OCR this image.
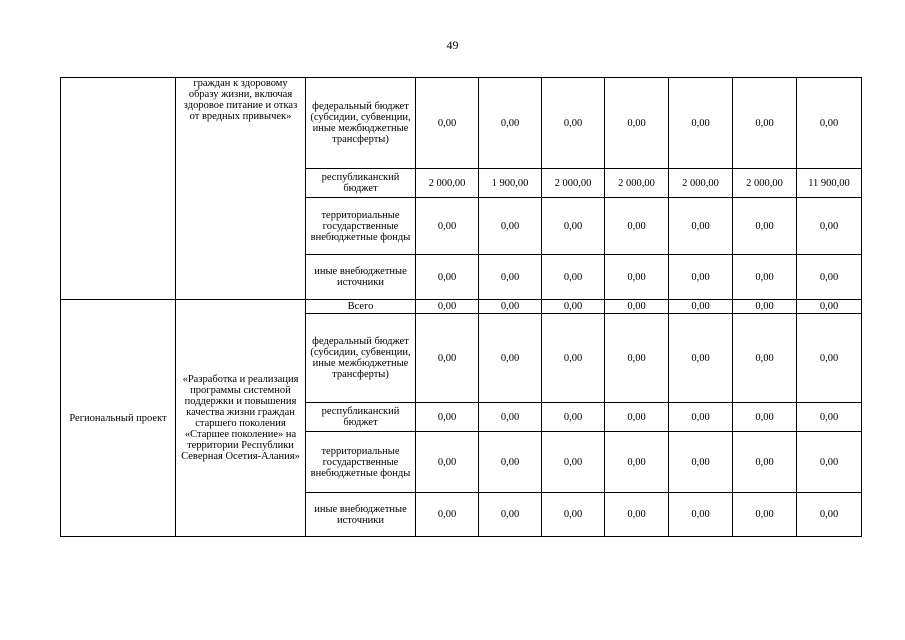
49
	граждан к здоровому образу жизни, включая здоровое питание и отказ от вредных привычек»	федеральный бюджет (субсидии, субвенции, иные межбюджетные трансферты)	0,00	0,00	0,00	0,00	0,00	0,00	0,00
		республиканский бюджет	2 000,00	1 900,00	2 000,00	2 000,00	2 000,00	2 000,00	11 900,00
		территориальные государственные внебюджетные фонды	0,00	0,00	0,00	0,00	0,00	0,00	0,00
		иные внебюджетные источники	0,00	0,00	0,00	0,00	0,00	0,00	0,00
Региональный проект	«Разработка и реализация программы системной поддержки и повышения качества жизни граждан старшего поколения «Старшее поколение» на территории Республики Северная Осетия-Алания»	Всего	0,00	0,00	0,00	0,00	0,00	0,00	0,00
		федеральный бюджет (субсидии, субвенции, иные межбюджетные трансферты)	0,00	0,00	0,00	0,00	0,00	0,00	0,00
		республиканский бюджет	0,00	0,00	0,00	0,00	0,00	0,00	0,00
		территориальные государственные внебюджетные фонды	0,00	0,00	0,00	0,00	0,00	0,00	0,00
		иные внебюджетные источники	0,00	0,00	0,00	0,00	0,00	0,00	0,00
